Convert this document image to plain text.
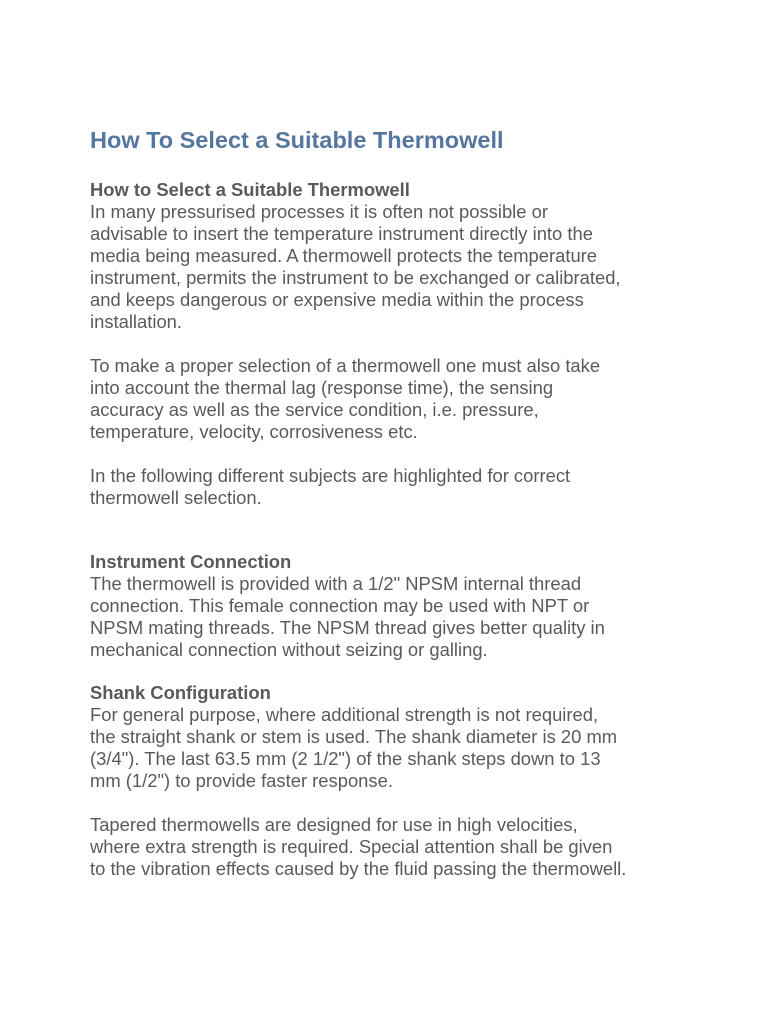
How To Select a Suitable Thermowell
How to Select a Suitable Thermowell

In many pressurised processes it is often not possible or
advisable to insert the temperature instrument directly into the
media being measured. A thermowell protects the temperature
instrument, permits the instrument to be exchanged or calibrated,
and keeps dangerous or expensive media within the process
installation.

To make a proper selection of a thermowell one must also take
into account the thermal lag (response time), the sensing
accuracy as well as the service condition, i.e. pressure,
temperature, velocity, corrosiveness etc.

In the following different subjects are highlighted for correct
thermowell selection.

Instrument Connection

The thermowell is provided with a 1/2" NPSM internal thread
connection. This female connection may be used with NPT or
NPSM mating threads. The NPSM thread gives better quality in
mechanical connection without seizing or galling.

Shank Configuration

For general purpose, where additional strength is not required,
the straight shank or stem is used. The shank diameter is 20 mm
(3/4"). The last 63.5 mm (2 1/2") of the shank steps down to 13
mm (1/2") to provide faster response.

Tapered thermowells are designed for use in high velocities,
where extra strength is required. Special attention shall be given
to the vibration effects caused by the fluid passing the thermowell.
